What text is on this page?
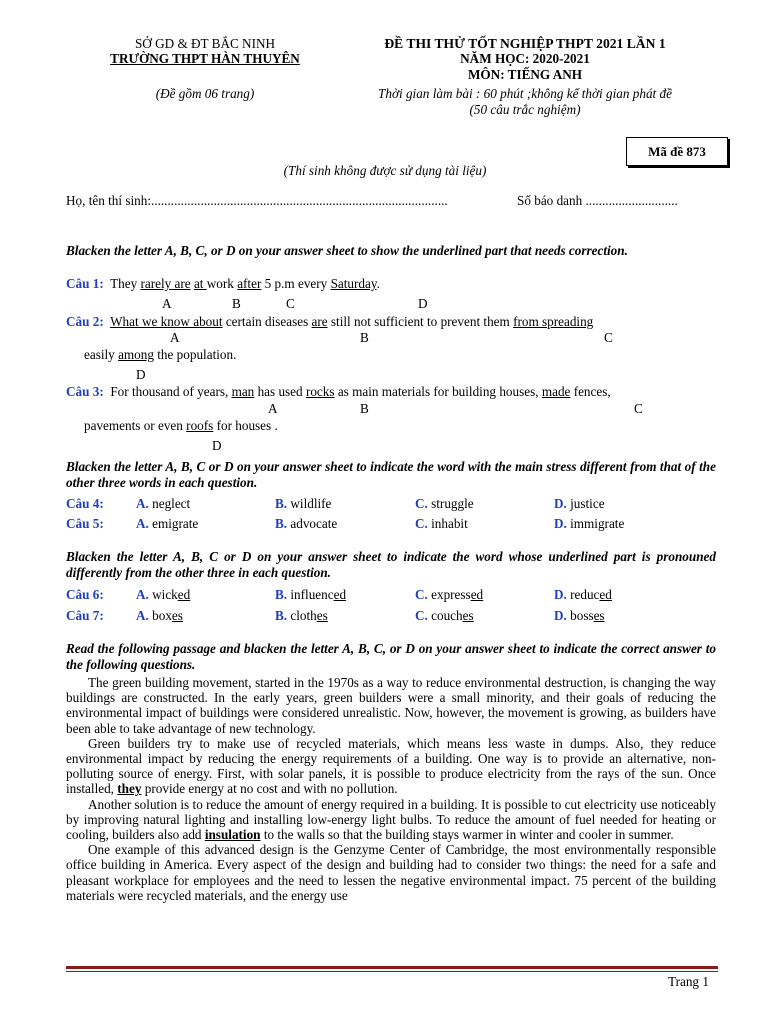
SỞ GD & ĐT BẮC NINH
TRƯỜNG THPT HÀN THUYÊN
(Đề gồm 06 trang)
ĐỀ THI THỬ TỐT NGHIỆP THPT 2021 LẦN 1
NĂM HỌC: 2020-2021
MÔN: TIẾNG ANH
Thời gian làm bài : 60 phút ;không kể thời gian phát đề
(50 câu trắc nghiệm)
Mã đề 873
(Thí sinh không được sử dụng tài liệu)
Họ, tên thí sinh:..........................................................................................	Số báo danh ............................
Blacken the letter A, B, C, or D on your answer sheet to show the underlined part that needs correction.
Câu 1: They rarely are at work after 5 p.m every Saturday.
A	B	C	D
Câu 2: What we know about certain diseases are still not sufficient to prevent them from spreading
A	B	C
easily among the population.
D
Câu 3: For thousand of years, man has used rocks as main materials for building houses, made fences,
A	B	C
pavements or even roofs for houses .
D
Blacken the letter A, B, C or D on your answer sheet to indicate the word with the main stress different from that of the other three words in each question.
Câu 4: A. neglect	B. wildlife	C. struggle	D. justice
Câu 5: A. emigrate	B. advocate	C. inhabit	D. immigrate
Blacken the letter A, B, C or D on your answer sheet to indicate the word whose underlined part is pronouned differently from the other three in each question.
Câu 6: A. wicked	B. influenced	C. expressed	D. reduced
Câu 7: A. boxes	B. clothes	C. couches	D. bosses
Read the following passage and blacken the letter A, B, C, or D on your answer sheet to indicate the correct answer to the following questions.

The green building movement, started in the 1970s as a way to reduce environmental destruction, is changing the way buildings are constructed. In the early years, green builders were a small minority, and their goals of reducing the environmental impact of buildings were considered unrealistic. Now, however, the movement is growing, as builders have been able to take advantage of new technology.

Green builders try to make use of recycled materials, which means less waste in dumps. Also, they reduce environmental impact by reducing the energy requirements of a building. One way is to provide an alternative, non-polluting source of energy. First, with solar panels, it is possible to produce electricity from the rays of the sun. Once installed, they provide energy at no cost and with no pollution.

Another solution is to reduce the amount of energy required in a building. It is possible to cut electricity use noticeably by improving natural lighting and installing low-energy light bulbs. To reduce the amount of fuel needed for heating or cooling, builders also add insulation to the walls so that the building stays warmer in winter and cooler in summer.

One example of this advanced design is the Genzyme Center of Cambridge, the most environmentally responsible office building in America. Every aspect of the design and building had to consider two things: the need for a safe and pleasant workplace for employees and the need to lessen the negative environmental impact. 75 percent of the building materials were recycled materials, and the energy use

Trang 1
